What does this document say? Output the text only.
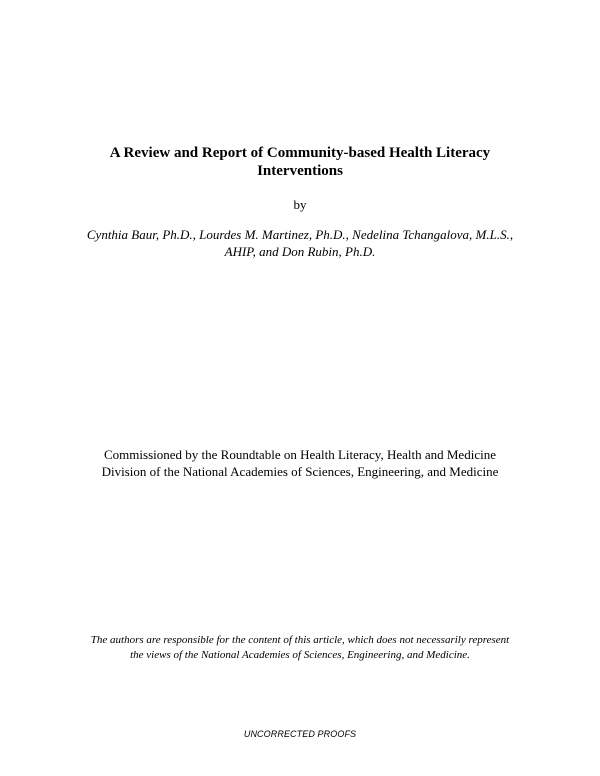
A Review and Report of Community-based Health Literacy
Interventions
by
Cynthia Baur, Ph.D., Lourdes M. Martinez, Ph.D., Nedelina Tchangalova, M.L.S.,
AHIP, and Don Rubin, Ph.D.
Commissioned by the Roundtable on Health Literacy, Health and Medicine
Division of the National Academies of Sciences, Engineering, and Medicine
The authors are responsible for the content of this article, which does not necessarily represent
the views of the National Academies of Sciences, Engineering, and Medicine.
UNCORRECTED PROOFS
